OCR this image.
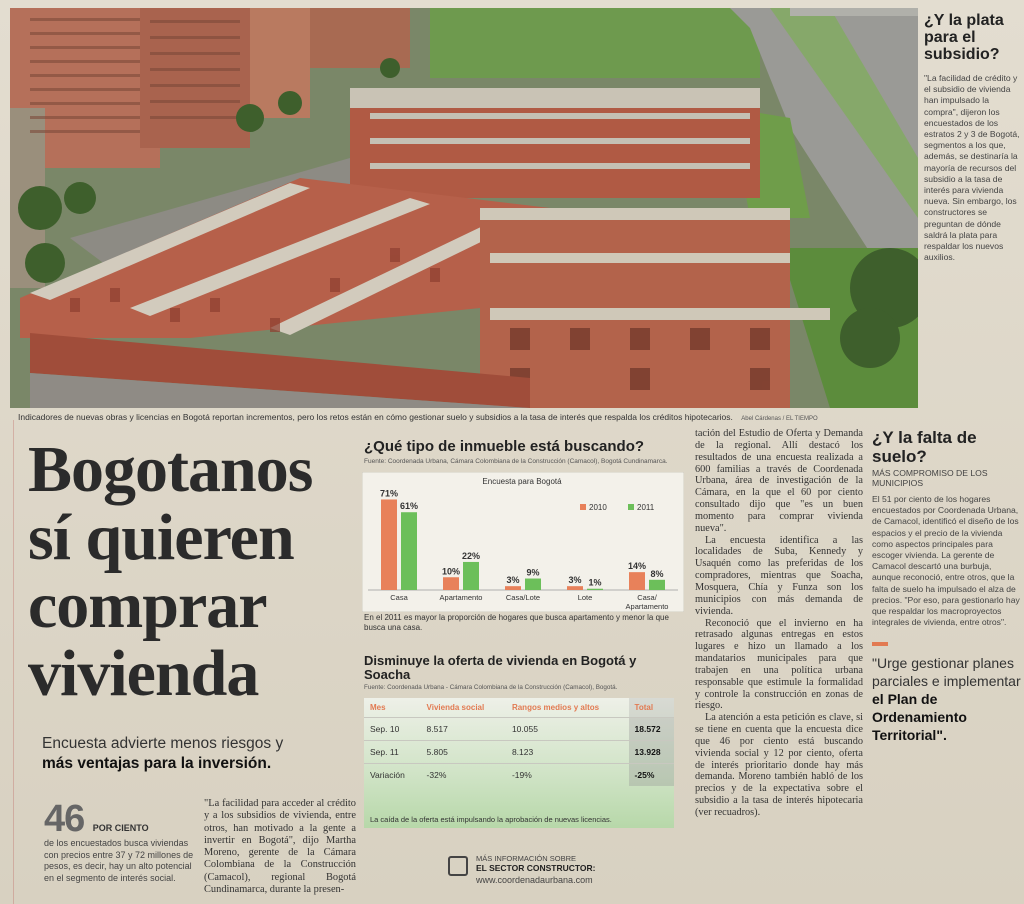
Indicadores de nuevas obras y licencias en Bogotá reportan incrementos, pero los retos están en cómo gestionar suelo y subsidios a la tasa de interés que respalda los créditos hipotecarios. Abel Cárdenas / EL TIEMPO
¿Y la plata para el subsidio?
"La facilidad de crédito y el subsidio de vivienda han impulsado la compra", dijeron los encuestados de los estratos 2 y 3 de Bogotá, segmentos a los que, además, se destinaría la mayoría de recursos del subsidio a la tasa de interés para vivienda nueva. Sin embargo, los constructores se preguntan de dónde saldrá la plata para respaldar los nuevos auxilios.
Bogotanos sí quieren comprar vivienda
Encuesta advierte menos riesgos y
más ventajas para la inversión.
46 POR CIENTO
de los encuestados busca viviendas con precios entre 37 y 72 millones de pesos, es decir, hay un alto potencial en el segmento de interés social.
"La facilidad para acceder al crédito y a los subsidios de vivienda, entre otros, han motivado a la gente a invertir en Bogotá", dijo Martha Moreno, gerente de la Cámara Colombiana de la Construcción (Camacol), regional Bogotá Cundinamarca, durante la presen-
¿Qué tipo de inmueble está buscando?
Fuente: Coordenada Urbana, Cámara Colombiana de la Construcción (Camacol), Bogotá Cundinamarca.
Encuesta para Bogotá
2010	2011
71%
61%
Casa
10%
22%
Apartamento
3%
9%
Casa/Lote
3% 1%
Lote
14%
8%
Casa/
Apartamento
En el 2011 es mayor la proporción de hogares que busca apartamento y menor la que busca una casa.
Disminuye la oferta de vivienda en Bogotá y Soacha
Fuente: Coordenada Urbana - Cámara Colombiana de la Construcción (Camacol), Bogotá.
Mes	Vivienda social	Rangos medios y altos	Total
Sep. 10	8.517	10.055	18.572
Sep. 11	5.805	8.123	13.928
Variación	-32%	-19%	-25%
La caída de la oferta está impulsando la aprobación de nuevas licencias.
MÁS INFORMACIÓN SOBRE
EL SECTOR CONSTRUCTOR:
www.coordenadaurbana.com

tación del Estudio de Oferta y Demanda de la regional. Allí destacó los resultados de una encuesta realizada a 600 familias a través de Coordenada Urbana, área de investigación de la Cámara, en la que el 60 por ciento consultado dijo que "es un buen momento para comprar vivienda nueva".

La encuesta identifica a las localidades de Suba, Kennedy y Usaquén como las preferidas de los compradores, mientras que Soacha, Mosquera, Chía y Funza son los municipios con más demanda de vivienda.

Reconoció que el invierno en ha retrasado algunas entregas en estos lugares e hizo un llamado a los mandatarios municipales para que trabajen en una política urbana responsable que estimule la formalidad y controle la construcción en zonas de riesgo.

La atención a esta petición es clave, si se tiene en cuenta que la encuesta dice que 46 por ciento está buscando vivienda social y 12 por ciento, oferta de interés prioritario donde hay más demanda. Moreno también habló de los precios y de la expectativa sobre el subsidio a la tasa de interés hipotecaria (ver recuadros).

¿Y la falta de suelo?
MÁS COMPROMISO DE LOS MUNICIPIOS
El 51 por ciento de los hogares encuestados por Coordenada Urbana, de Camacol, identificó el diseño de los espacios y el precio de la vivienda como aspectos principales para escoger vivienda. La gerente de Camacol descartó una burbuja, aunque reconoció, entre otros, que la falta de suelo ha impulsado el alza de precios. "Por eso, para gestionarlo hay que respaldar los macroproyectos integrales de vivienda, entre otros".
"Urge gestionar planes parciales e implementar el Plan de Ordenamiento Territorial".
